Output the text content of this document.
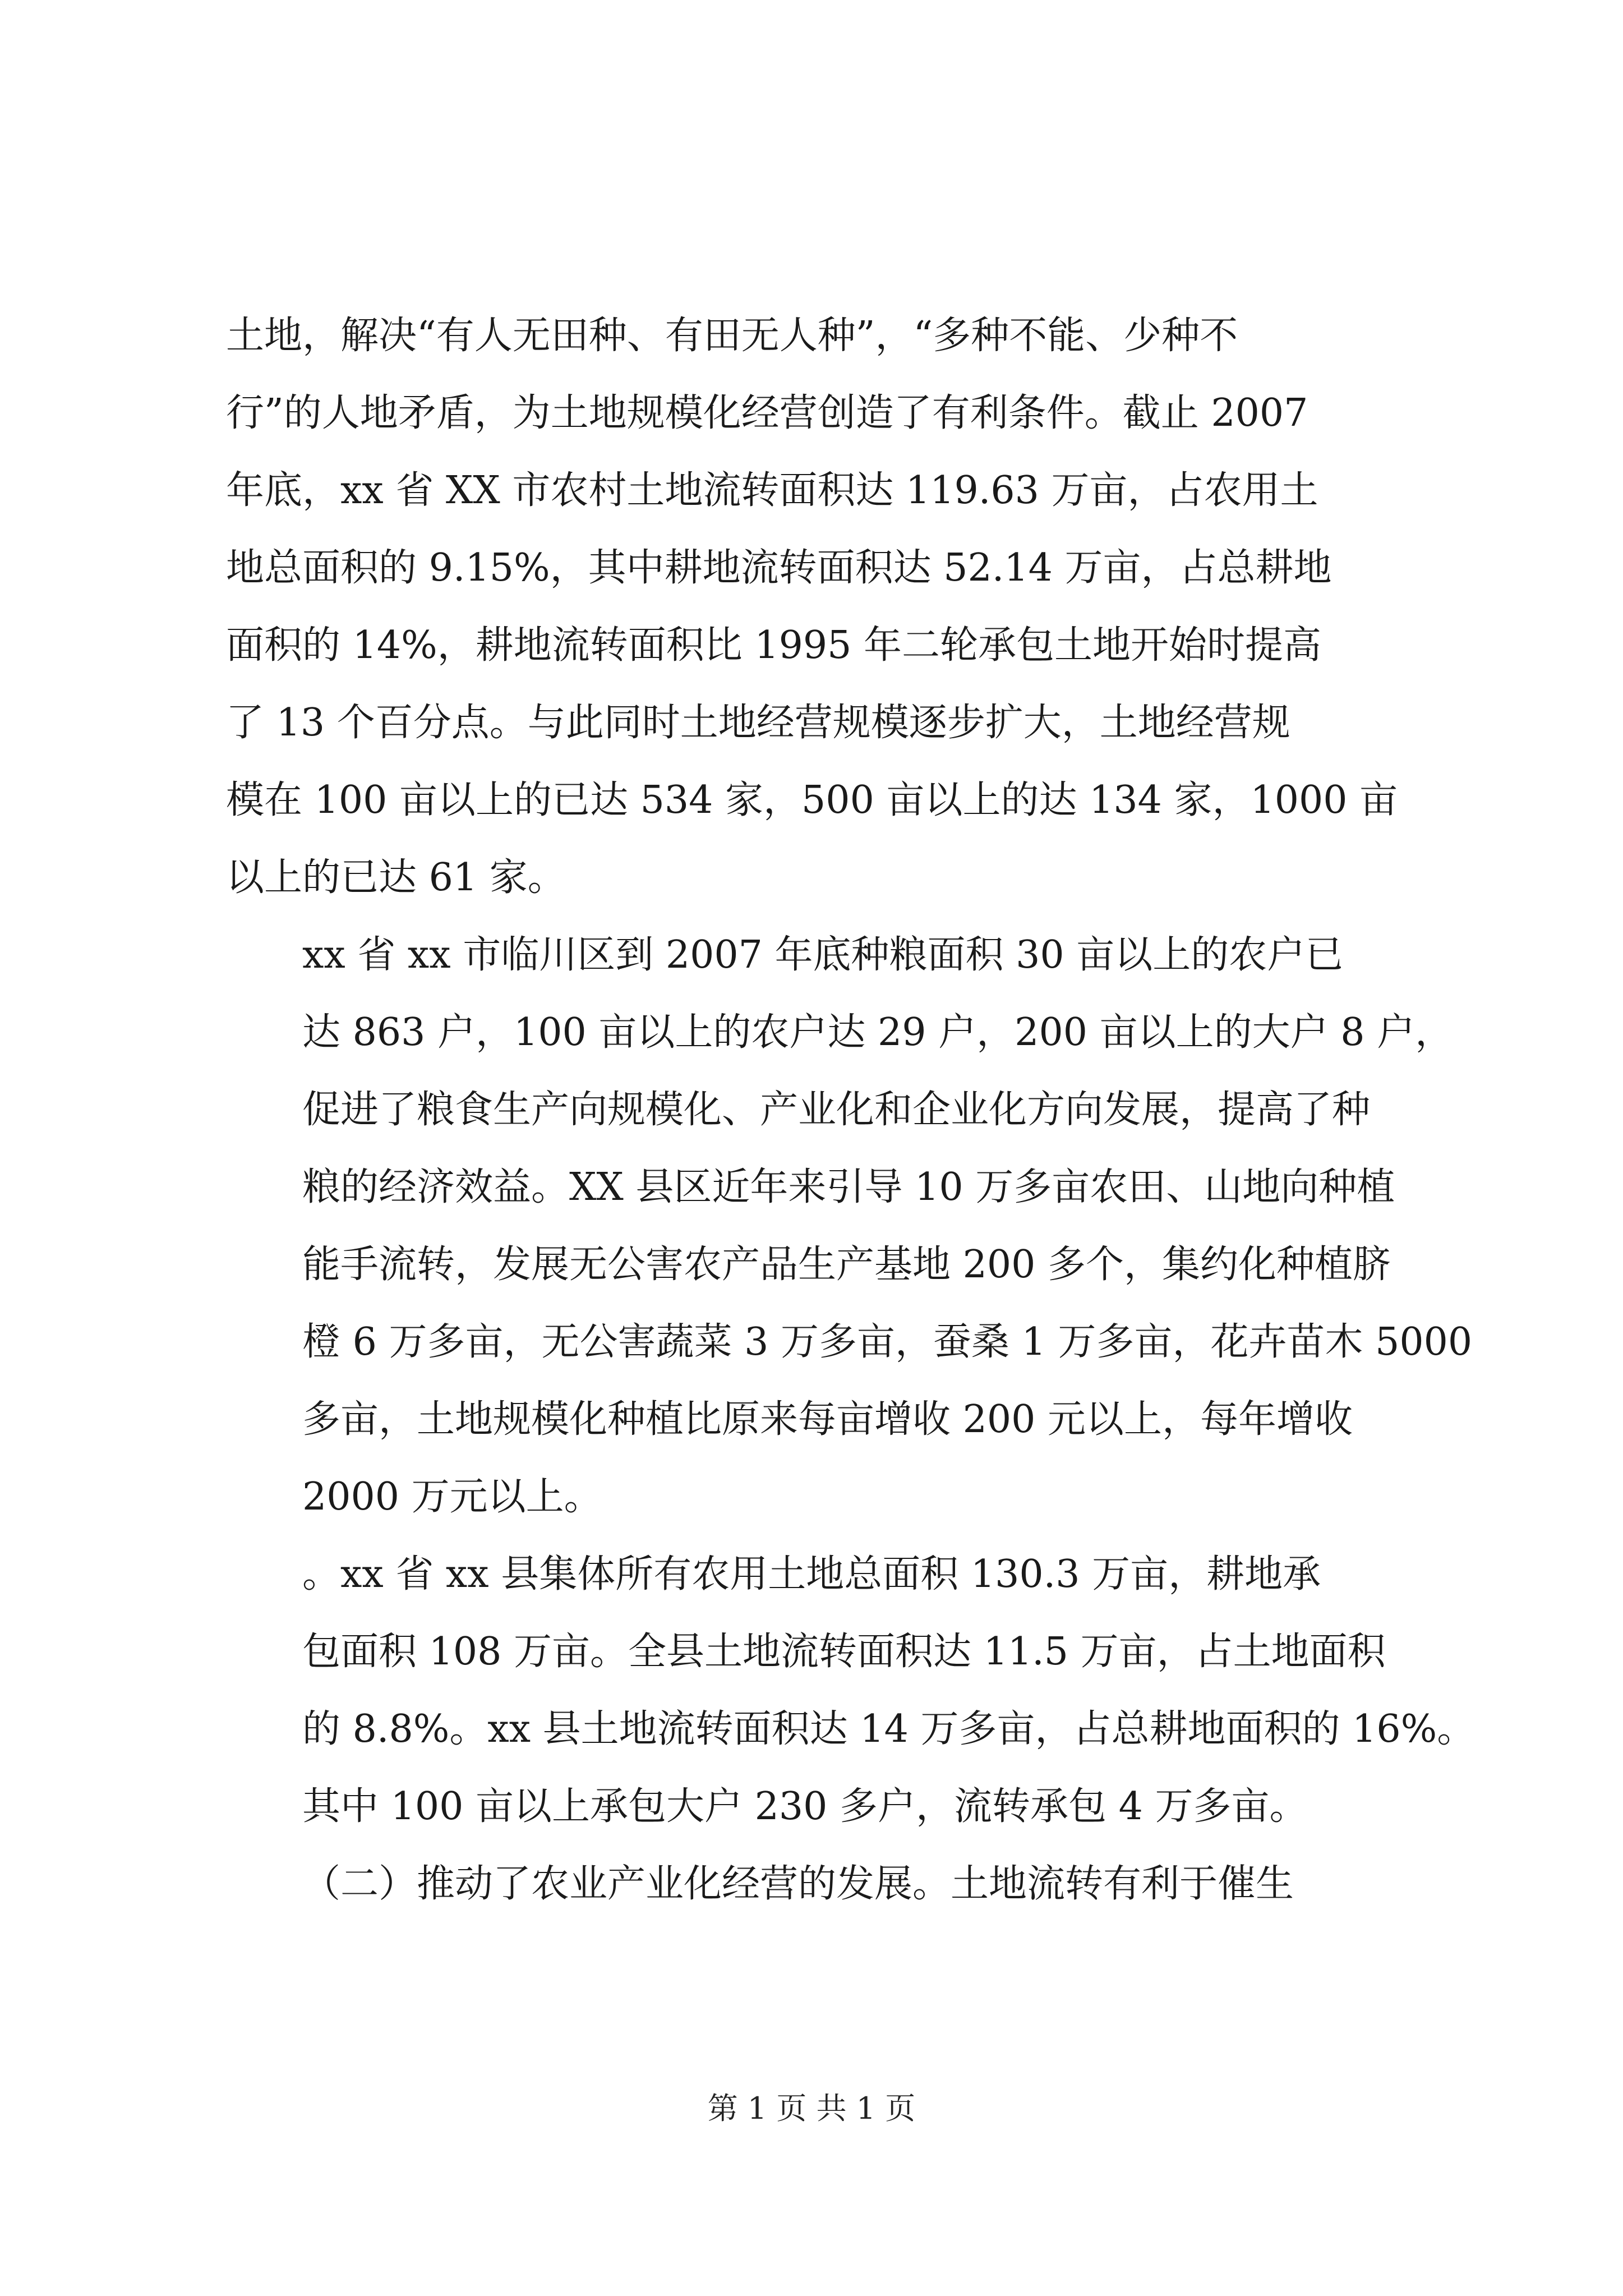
土地，解决“有人无田种、有田无人种”，“多种不能、少种不
行”的人地矛盾，为土地规模化经营创造了有利条件。截止 2007
年底，xx 省 XX 市农村土地流转面积达 119.63 万亩，占农用土
地总面积的 9.15%，其中耕地流转面积达 52.14 万亩，占总耕地
面积的 14%，耕地流转面积比 1995 年二轮承包土地开始时提高
了 13 个百分点。与此同时土地经营规模逐步扩大，土地经营规
模在 100 亩以上的已达 534 家，500 亩以上的达 134 家，1000 亩
以上的已达 61 家。

xx 省 xx 市临川区到 2007 年底种粮面积 30 亩以上的农户已
达 863 户，100 亩以上的农户达 29 户，200 亩以上的大户 8 户，
促进了粮食生产向规模化、产业化和企业化方向发展，提高了种
粮的经济效益。XX 县区近年来引导 10 万多亩农田、山地向种植
能手流转，发展无公害农产品生产基地 200 多个，集约化种植脐
橙 6 万多亩，无公害蔬菜 3 万多亩，蚕桑 1 万多亩，花卉苗木 5000
多亩，土地规模化种植比原来每亩增收 200 元以上，每年增收
2000 万元以上。

。xx 省 xx 县集体所有农用土地总面积 130.3 万亩，耕地承
包面积 108 万亩。全县土地流转面积达 11.5 万亩，占土地面积
的 8.8%。xx 县土地流转面积达 14 万多亩，占总耕地面积的 16%。
其中 100 亩以上承包大户 230 多户，流转承包 4 万多亩。

（二）推动了农业产业化经营的发展。土地流转有利于催生

第 1 页 共 1 页
